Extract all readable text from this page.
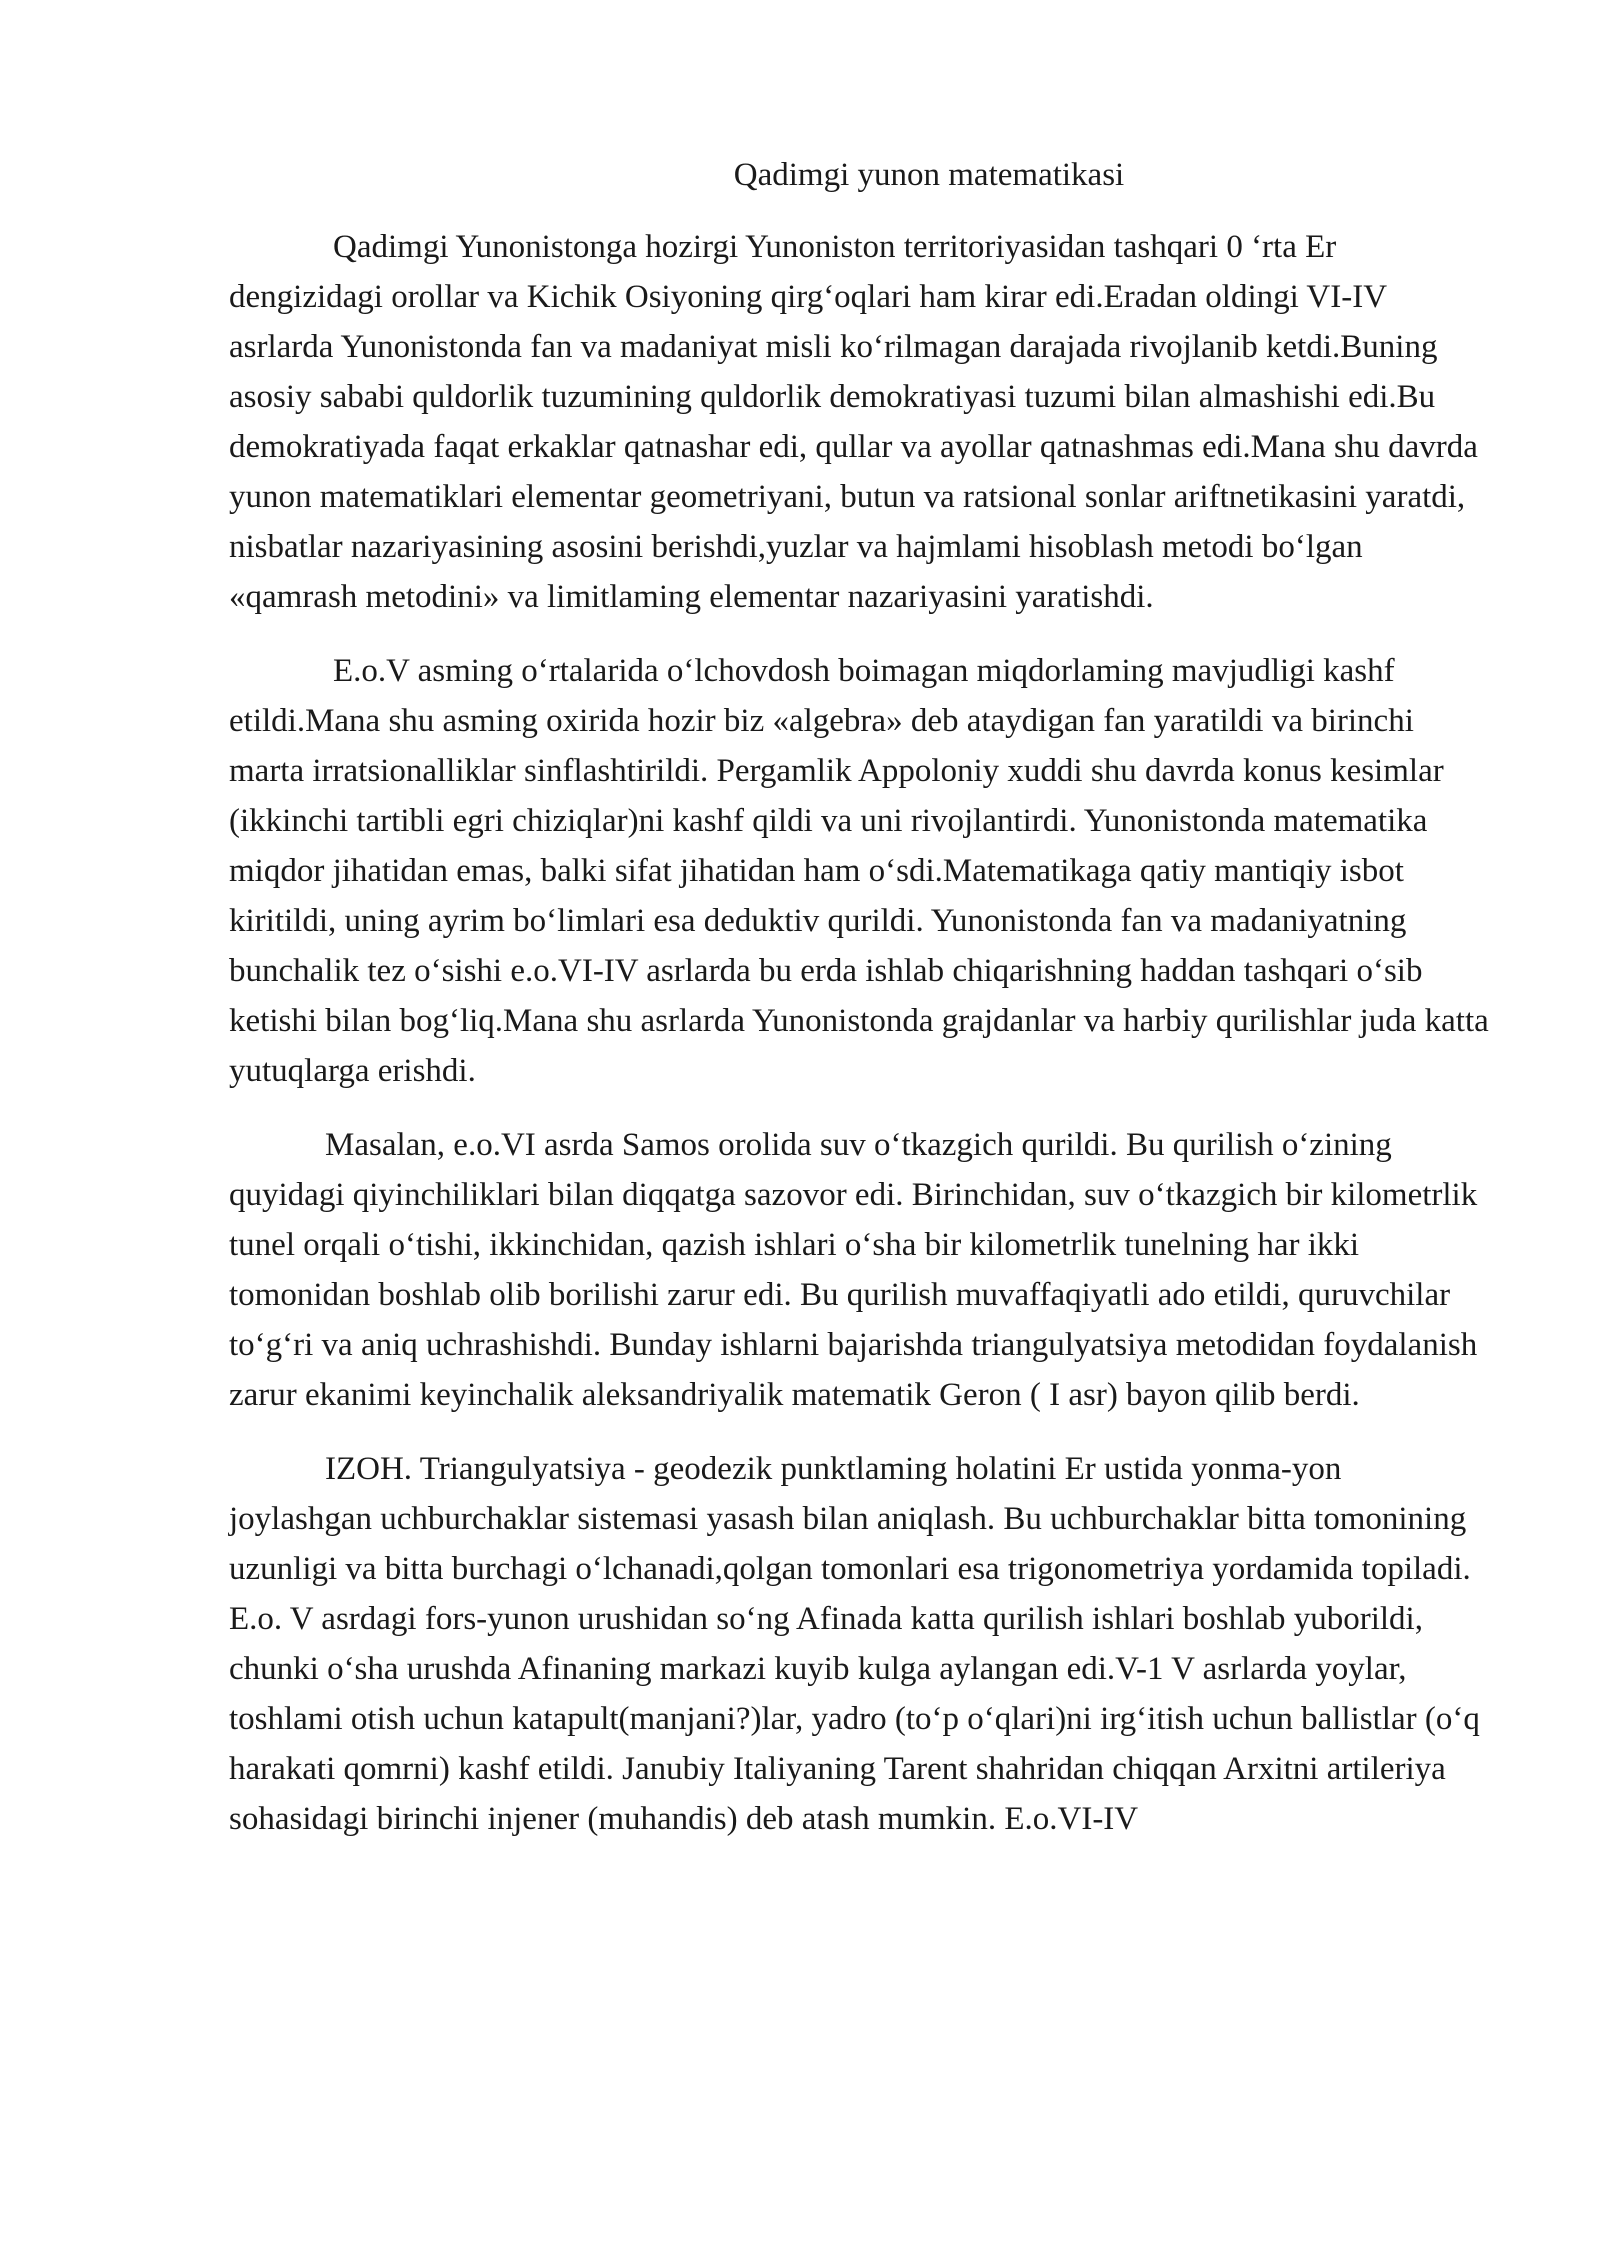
Qadimgi yunon matematikasi

Qadimgi Yunonistonga hozirgi Yunoniston territoriyasidan tashqari 0 ‘rta Er dengizidagi orollar va Kichik Osiyoning qirg‘oqlari ham kirar edi.Eradan oldingi VI-IV asrlarda Yunonistonda fan va madaniyat misli ko‘rilmagan darajada rivojlanib ketdi.Buning asosiy sababi quldorlik tuzumining quldorlik demokratiyasi tuzumi bilan almashishi edi.Bu demokratiyada faqat erkaklar qatnashar edi, qullar va ayollar qatnashmas edi.Mana shu davrda yunon matematiklari elementar geometriyani, butun va ratsional sonlar ariftnetikasini yaratdi, nisbatlar nazariyasining asosini berishdi,yuzlar va hajmlami hisoblash metodi bo‘lgan «qamrash metodini» va limitlaming elementar nazariyasini yaratishdi.

E.o.V asming o‘rtalarida o‘lchovdosh boimagan miqdorlaming mavjudligi kashf etildi.Mana shu asming oxirida hozir biz «algebra» deb ataydigan fan yaratildi va birinchi marta irratsionalliklar sinflashtirildi. Pergamlik Appoloniy xuddi shu davrda konus kesimlar (ikkinchi tartibli egri chiziqlar)ni kashf qildi va uni rivojlantirdi. Yunonistonda matematika miqdor jihatidan emas, balki sifat jihatidan ham o‘sdi.Matematikaga qatiy mantiqiy isbot kiritildi, uning ayrim bo‘limlari esa deduktiv qurildi. Yunonistonda fan va madaniyatning bunchalik tez o‘sishi e.o.VI-IV asrlarda bu erda ishlab chiqarishning haddan tashqari o‘sib ketishi bilan bog‘liq.Mana shu asrlarda Yunonistonda grajdanlar va harbiy qurilishlar juda katta yutuqlarga erishdi.

Masalan, e.o.VI asrda Samos orolida suv o‘tkazgich qurildi. Bu qurilish o‘zining quyidagi qiyinchiliklari bilan diqqatga sazovor edi. Birinchidan, suv o‘tkazgich bir kilometrlik tunel orqali o‘tishi, ikkinchidan, qazish ishlari o‘sha bir kilometrlik tunelning har ikki tomonidan boshlab olib borilishi zarur edi. Bu qurilish muvaffaqiyatli ado etildi, quruvchilar to‘g‘ri va aniq uchrashishdi. Bunday ishlarni bajarishda triangulyatsiya metodidan foydalanish zarur ekanimi keyinchalik aleksandriyalik matematik Geron ( I asr) bayon qilib berdi.

IZOH. Triangulyatsiya - geodezik punktlaming holatini Er ustida yonma-yon joylashgan uchburchaklar sistemasi yasash bilan aniqlash. Bu uchburchaklar bitta tomonining uzunligi va bitta burchagi o‘lchanadi,qolgan tomonlari esa trigonometriya yordamida topiladi. E.o. V asrdagi fors-yunon urushidan so‘ng Afinada katta qurilish ishlari boshlab yuborildi, chunki o‘sha urushda Afinaning markazi kuyib kulga aylangan edi.V-1 V asrlarda yoylar, toshlami otish uchun katapult(manjani?)lar, yadro (to‘p o‘qlari)ni irg‘itish uchun ballistlar (o‘q harakati qomrni) kashf etildi. Janubiy Italiyaning Tarent shahridan chiqqan Arxitni artileriya sohasidagi birinchi injener (muhandis) deb atash mumkin. E.o.VI-IV
